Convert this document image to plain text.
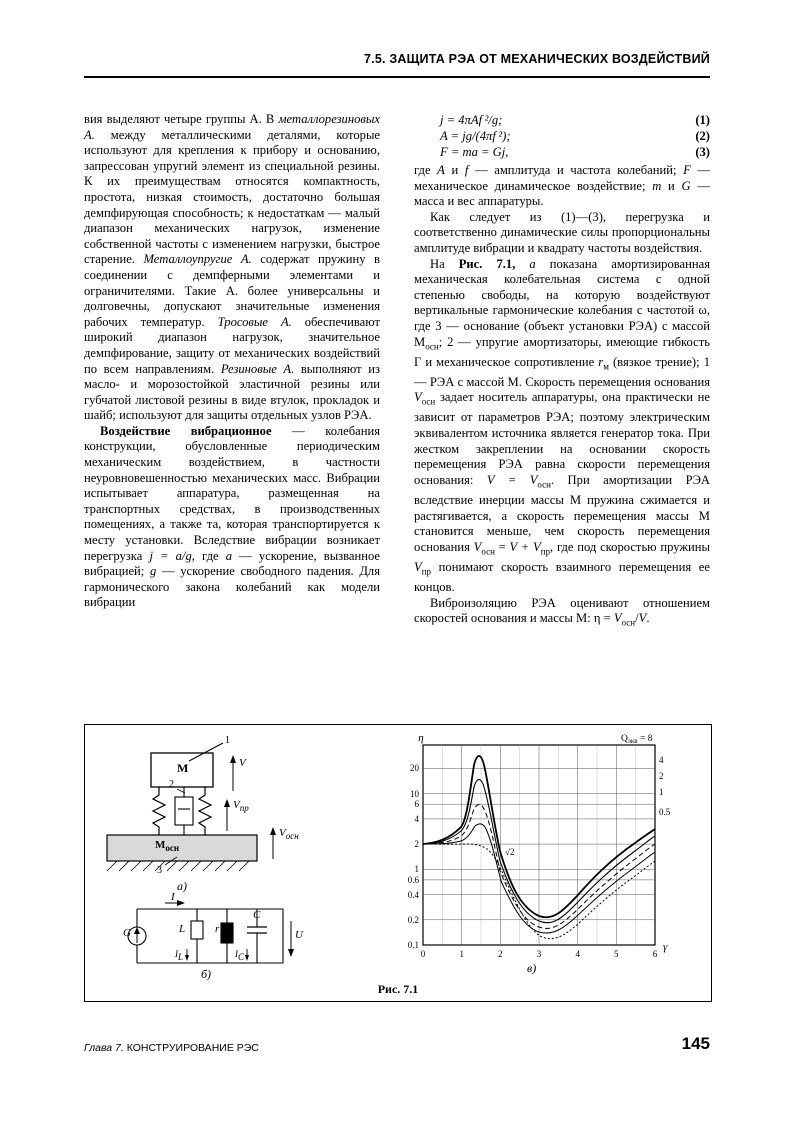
7.5. ЗАЩИТА РЭА ОТ МЕХАНИЧЕСКИХ ВОЗДЕЙСТВИЙ

вия выделяют четыре группы А. В металлорезиновых А. между металлическими деталями, которые используют для крепления к прибору и основанию, запрессован упругий элемент из специальной резины. К их преимуществам относятся компактность, простота, низкая стоимость, достаточно большая демпфирующая способность; к недостаткам — малый диапазон механических нагрузок, изменение собственной частоты с изменением нагрузки, быстрое старение. Металлоупругие А. содержат пружину в соединении с демпферными элементами и ограничителями. Такие А. более универсальны и долговечны, допускают значительные изменения рабочих температур. Тросовые А. обеспечивают широкий диапазон нагрузок, значительное демпфирование, защиту от механических воздействий по всем направлениям. Резиновые А. выполняют из масло- и морозостойкой эластичной резины или губчатой листовой резины в виде втулок, прокладок и шайб; используют для защиты отдельных узлов РЭА.

Воздействие вибрационное — колебания конструкции, обусловленные периодическим механическим воздействием, в частности неуровновешенностью механических масс. Вибрации испытывает аппаратура, размещенная на транспортных средствах, в производственных помещениях, а также та, которая транспортируется к месту установки. Вследствие вибрации возникает перегрузка j = a/g, где а — ускорение, вызванное вибрацией; g — ускорение свободного падения. Для гармонического закона колебаний как модели вибрации

j = 4πAf ²/g;	(1)
A = jg/(4πf ²);	(2)
F = ma = Gj,	(3)

где A и f — амплитуда и частота колебаний; F — механическое динамическое воздействие; m и G — масса и вес аппаратуры.

Как следует из (1)—(3), перегрузка и соответственно динамические силы пропорциональны амплитуде вибрации и квадрату частоты воздействия.

На Рис. 7.1, а показана амортизированная механическая колебательная система с одной степенью свободы, на которую воздействуют вертикальные гармонические колебания с частотой ω, где 3 — основание (объект установки РЭА) с массой $М_{осн}$; 2 — упругие амортизаторы, имеющие гибкость Г и механическое сопротивление $r_м$ (вязкое трение); 1 — РЭА с массой М. Скорость перемещения основания $V_{осн}$ задает носитель аппаратуры, она практически не зависит от параметров РЭА; поэтому электрическим эквивалентом источника является генератор тока. При жестком закреплении на основании скорость перемещения РЭА равна скорости перемещения основания: $V = V_{осн}$. При амортизации РЭА вследствие инерции массы М пружина сжимается и растягивается, а скорость перемещения массы М становится меньше, чем скорость перемещения основания $V_{осн} = V + V_{пр}$, где под скоростью пружины $V_{пр}$ понимают скорость взаимного перемещения ее концов.

Виброизоляцию РЭА оценивают отношением скоростей основания и массы М: $\eta = V_{осн}/V$.

1
M	V
$V_{пр}$
2
$M_{осн}$
$V_{осн}$
3
а)
G
I
L	r
C
U
$I_L$	$I_C$
б)
√2
0.1
0.2
0.4
0.6
1
2
4
6
10
20
0	1	2	3	4	5	6
η
γ
$Q_{экв} = 8$
4
2
1
0.5
в)
Рис. 7.1
Глава 7. КОНСТРУИРОВАНИЕ РЭС	145
